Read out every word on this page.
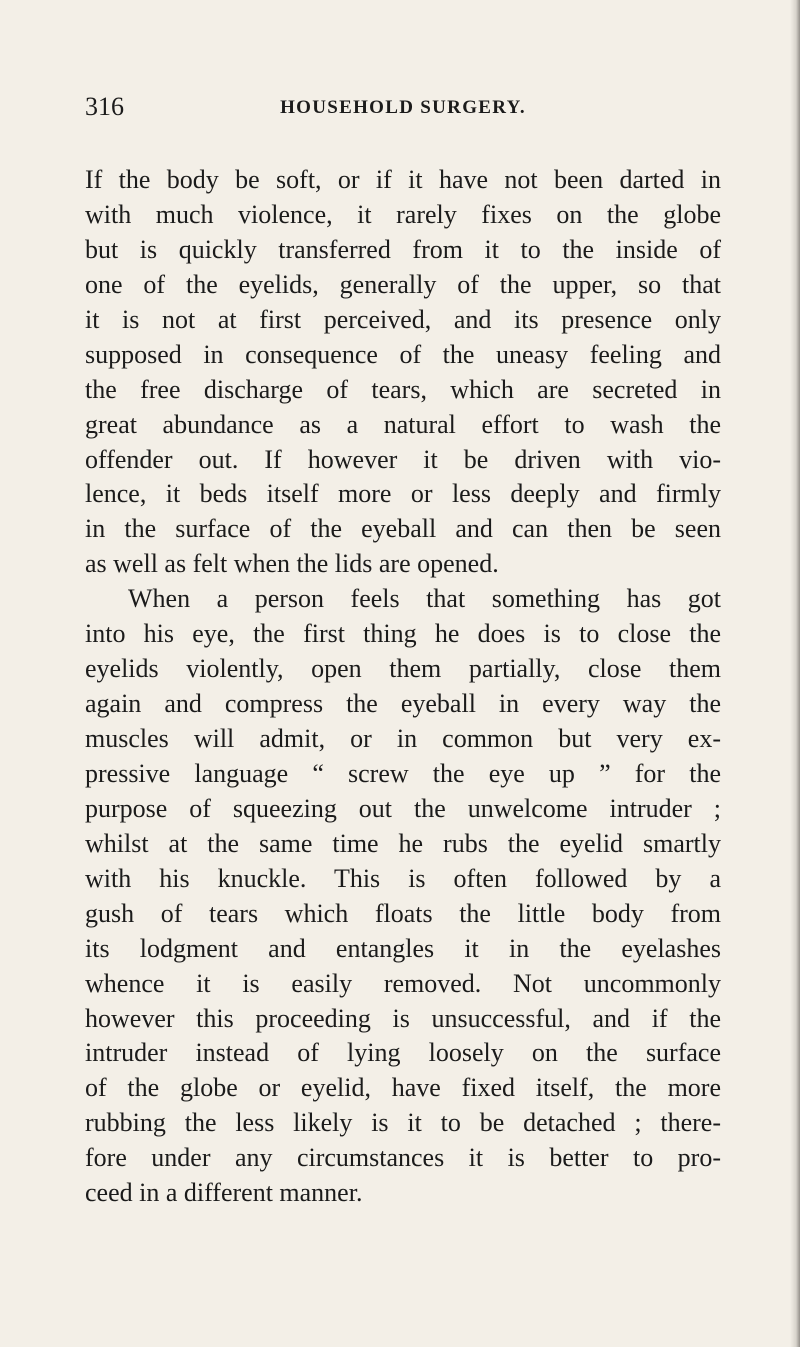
316	HOUSEHOLD SURGERY.
If the body be soft, or if it have not been darted in
with much violence, it rarely fixes on the globe
but is quickly transferred from it to the inside of
one of the eyelids, generally of the upper, so that
it is not at first perceived, and its presence only
supposed in consequence of the uneasy feeling and
the free discharge of tears, which are secreted in
great abundance as a natural effort to wash the
offender out. If however it be driven with vio-
lence, it beds itself more or less deeply and firmly
in the surface of the eyeball and can then be seen
as well as felt when the lids are opened.
When a person feels that something has got
into his eye, the first thing he does is to close the
eyelids violently, open them partially, close them
again and compress the eyeball in every way the
muscles will admit, or in common but very ex-
pressive language “ screw the eye up ” for the
purpose of squeezing out the unwelcome intruder ;
whilst at the same time he rubs the eyelid smartly
with his knuckle. This is often followed by a
gush of tears which floats the little body from
its lodgment and entangles it in the eyelashes
whence it is easily removed. Not uncommonly
however this proceeding is unsuccessful, and if the
intruder instead of lying loosely on the surface
of the globe or eyelid, have fixed itself, the more
rubbing the less likely is it to be detached ; there-
fore under any circumstances it is better to pro-
ceed in a different manner.
